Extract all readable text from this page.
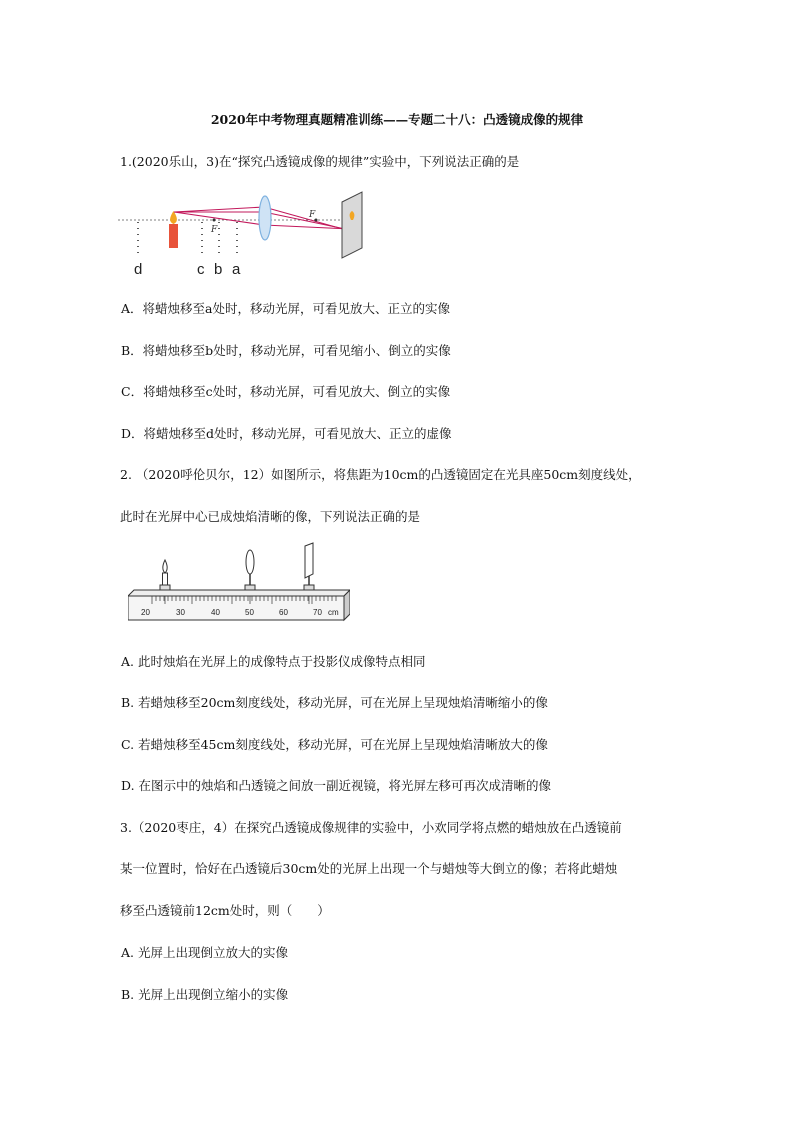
2020年中考物理真题精准训练——专题二十八：凸透镜成像的规律
1.(2020乐山，3)在“探究凸透镜成像的规律”实验中，下列说法正确的是
F
F
d	c b a
A．将蜡烛移至a处时，移动光屏，可看见放大、正立的实像
B．将蜡烛移至b处时，移动光屏，可看见缩小、倒立的实像
C．将蜡烛移至c处时，移动光屏，可看见放大、倒立的实像
D．将蜡烛移至d处时，移动光屏，可看见放大、正立的虚像
2. （2020呼伦贝尔，12）如图所示，将焦距为10cm的凸透镜固定在光具座50cm刻度线处，
此时在光屏中心已成烛焰清晰的像，下列说法正确的是
20	30	40	50	60	70 cm
A. 此时烛焰在光屏上的成像特点于投影仪成像特点相同
B. 若蜡烛移至20cm刻度线处，移动光屏，可在光屏上呈现烛焰清晰缩小的像
C. 若蜡烛移至45cm刻度线处，移动光屏，可在光屏上呈现烛焰清晰放大的像
D. 在图示中的烛焰和凸透镜之间放一副近视镜，将光屏左移可再次成清晰的像
3.（2020枣庄，4）在探究凸透镜成像规律的实验中，小欢同学将点燃的蜡烛放在凸透镜前
某一位置时，恰好在凸透镜后30cm处的光屏上出现一个与蜡烛等大倒立的像；若将此蜡烛
移至凸透镜前12cm处时，则（　　）
A. 光屏上出现倒立放大的实像
B. 光屏上出现倒立缩小的实像
